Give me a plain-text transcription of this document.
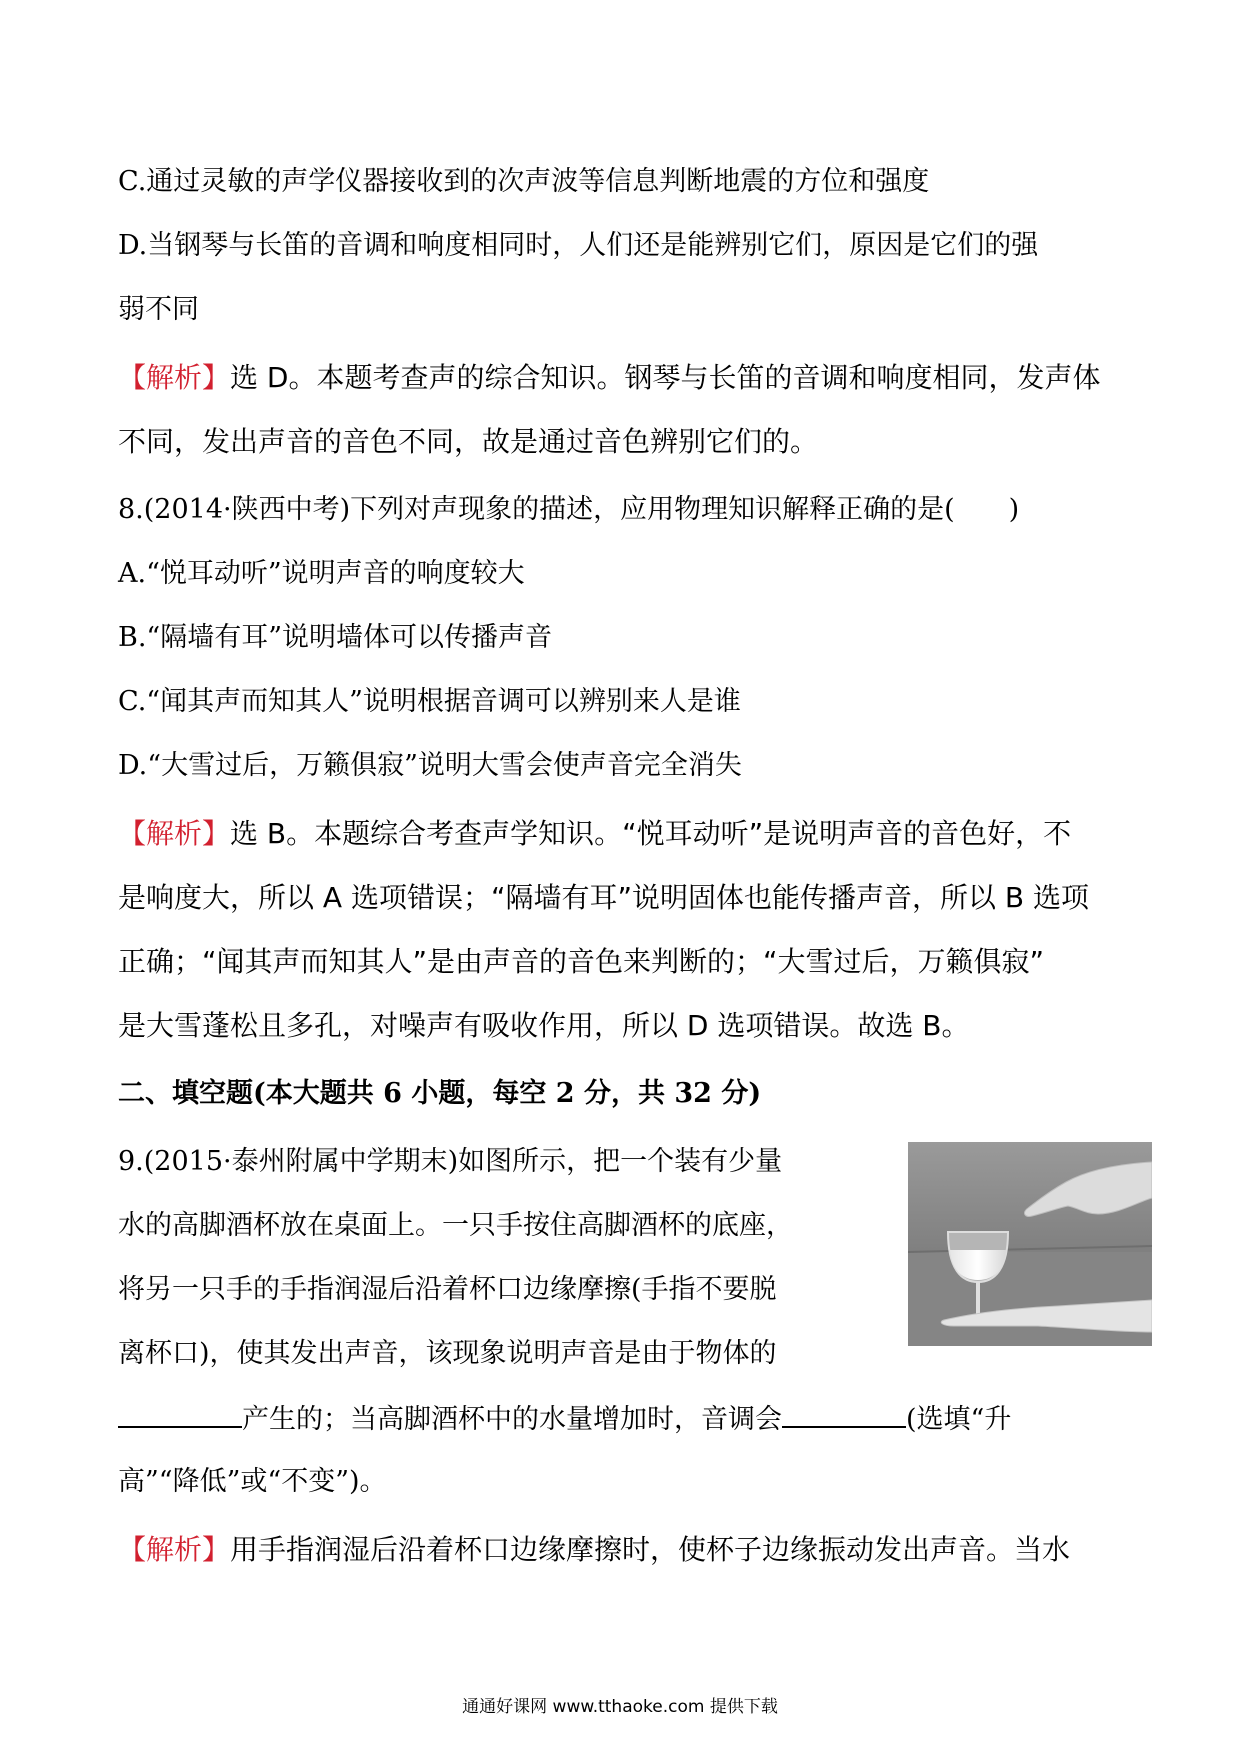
C.通过灵敏的声学仪器接收到的次声波等信息判断地震的方位和强度
D.当钢琴与长笛的音调和响度相同时，人们还是能辨别它们，原因是它们的强
弱不同
【解析】选 D。本题考查声的综合知识。钢琴与长笛的音调和响度相同，发声体
不同，发出声音的音色不同，故是通过音色辨别它们的。
8.(2014·陕西中考)下列对声现象的描述，应用物理知识解释正确的是(　　)
A.“悦耳动听”说明声音的响度较大
B.“隔墙有耳”说明墙体可以传播声音
C.“闻其声而知其人”说明根据音调可以辨别来人是谁
D.“大雪过后，万籁俱寂”说明大雪会使声音完全消失
【解析】选 B。本题综合考查声学知识。“悦耳动听”是说明声音的音色好，不
是响度大，所以 A 选项错误；“隔墙有耳”说明固体也能传播声音，所以 B 选项
正确；“闻其声而知其人”是由声音的音色来判断的；“大雪过后，万籁俱寂”
是大雪蓬松且多孔，对噪声有吸收作用，所以 D 选项错误。故选 B。
二、填空题(本大题共 6 小题，每空 2 分，共 32 分)
9.(2015·泰州附属中学期末)如图所示，把一个装有少量
水的高脚酒杯放在桌面上。一只手按住高脚酒杯的底座，
将另一只手的手指润湿后沿着杯口边缘摩擦(手指不要脱
离杯口)，使其发出声音，该现象说明声音是由于物体的
产生的；当高脚酒杯中的水量增加时，音调会	(选填“升
高”“降低”或“不变”)。
【解析】用手指润湿后沿着杯口边缘摩擦时，使杯子边缘振动发出声音。当水
通通好课网 www.tthaoke.com 提供下载
